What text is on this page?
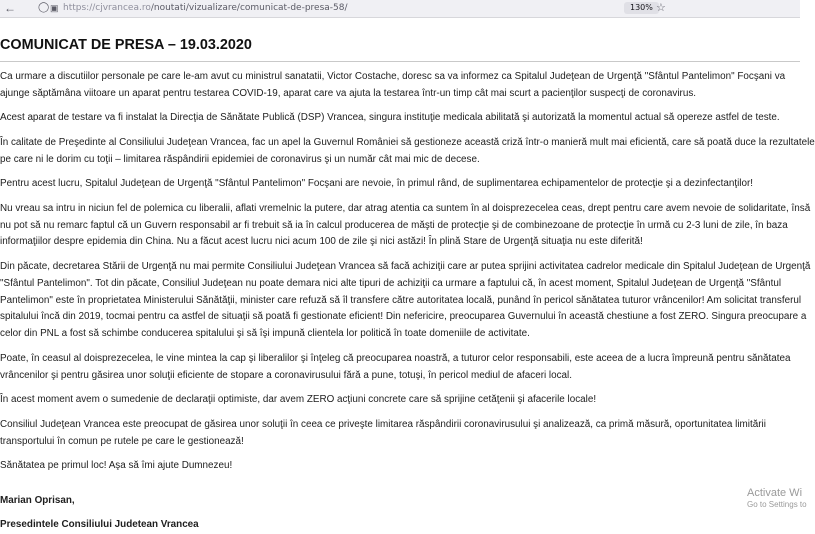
← ◯ ▣ https://cjvrancea.ro/noutati/vizualizare/comunicat-de-presa-58/	130% ☆
COMUNICAT DE PRESA – 19.03.2020
Ca urmare a discutiilor personale pe care le-am avut cu ministrul sanatatii, Victor Costache, doresc sa va informez ca Spitalul Judeţean de Urgenţă "Sfântul Pantelimon" Focşani va
ajunge săptămâna viitoare un aparat pentru testarea COVID-19, aparat care va ajuta la testarea într-un timp cât mai scurt a pacienţilor suspecţi de coronavirus.
Acest aparat de testare va fi instalat la Direcţia de Sănătate Publică (DSP) Vrancea, singura instituţie medicala abilitată şi autorizată la momentul actual să opereze astfel de teste.
În calitate de Preşedinte al Consiliului Judeţean Vrancea, fac un apel la Guvernul României să gestioneze această criză într-o manieră mult mai eficientă, care să poată duce la rezultatele
pe care ni le dorim cu toţii – limitarea răspândirii epidemiei de coronavirus şi un număr cât mai mic de decese.
Pentru acest lucru, Spitalul Judeţean de Urgenţă "Sfântul Pantelimon" Focşani are nevoie, în primul rând, de suplimentarea echipamentelor de protecţie şi a dezinfectanţilor!
Nu vreau sa intru in niciun fel de polemica cu liberalii, aflati vremelnic la putere, dar atrag atentia ca suntem în al doisprezecelea ceas, drept pentru care avem nevoie de solidaritate, însă
nu pot să nu remarc faptul că un Guvern responsabil ar fi trebuit să ia în calcul producerea de măşti de protecţie şi de combinezoane de protecţie în urmă cu 2-3 luni de zile, în baza
informaţiilor despre epidemia din China. Nu a făcut acest lucru nici acum 100 de zile şi nici astăzi! În plină Stare de Urgenţă situaţia nu este diferită!
Din păcate, decretarea Stării de Urgenţă nu mai permite Consiliului Judeţean Vrancea să facă achiziţii care ar putea sprijini activitatea cadrelor medicale din Spitalul Judeţean de Urgenţă
"Sfântul Pantelimon". Tot din păcate, Consiliul Judeţean nu poate demara nici alte tipuri de achiziţii ca urmare a faptului că, în acest moment, Spitalul Judeţean de Urgenţă "Sfântul
Pantelimon" este în proprietatea Ministerului Sănătăţii, minister care refuză să îl transfere către autoritatea locală, punând în pericol sănătatea tuturor vrâncenilor! Am solicitat transferul
spitalului încă din 2019, tocmai pentru ca astfel de situaţii să poată fi gestionate eficient! Din nefericire, preocuparea Guvernului în această chestiune a fost ZERO. Singura preocupare a
celor din PNL a fost să schimbe conducerea spitalului şi să îşi impună clientela lor politică în toate domeniile de activitate.
Poate, în ceasul al doisprezecelea, le vine mintea la cap şi liberalilor şi înţeleg că preocuparea noastră, a tuturor celor responsabili, este aceea de a lucra împreună pentru sănătatea
vrâncenilor şi pentru găsirea unor soluţii eficiente de stopare a coronavirusului fără a pune, totuşi, în pericol mediul de afaceri local.
În acest moment avem o sumedenie de declaraţii optimiste, dar avem ZERO acţiuni concrete care să sprijine cetăţenii şi afacerile locale!
Consiliul Judeţean Vrancea este preocupat de găsirea unor soluţii în ceea ce priveşte limitarea răspândirii coronavirusului şi analizează, ca primă măsură, oportunitatea limitării
transportului în comun pe rutele pe care le gestionează!
Sănătatea pe primul loc! Aşa să îmi ajute Dumnezeu!
Marian Oprisan,
Presedintele Consiliului Judetean Vrancea
Activate Wi
Go to Settings to
